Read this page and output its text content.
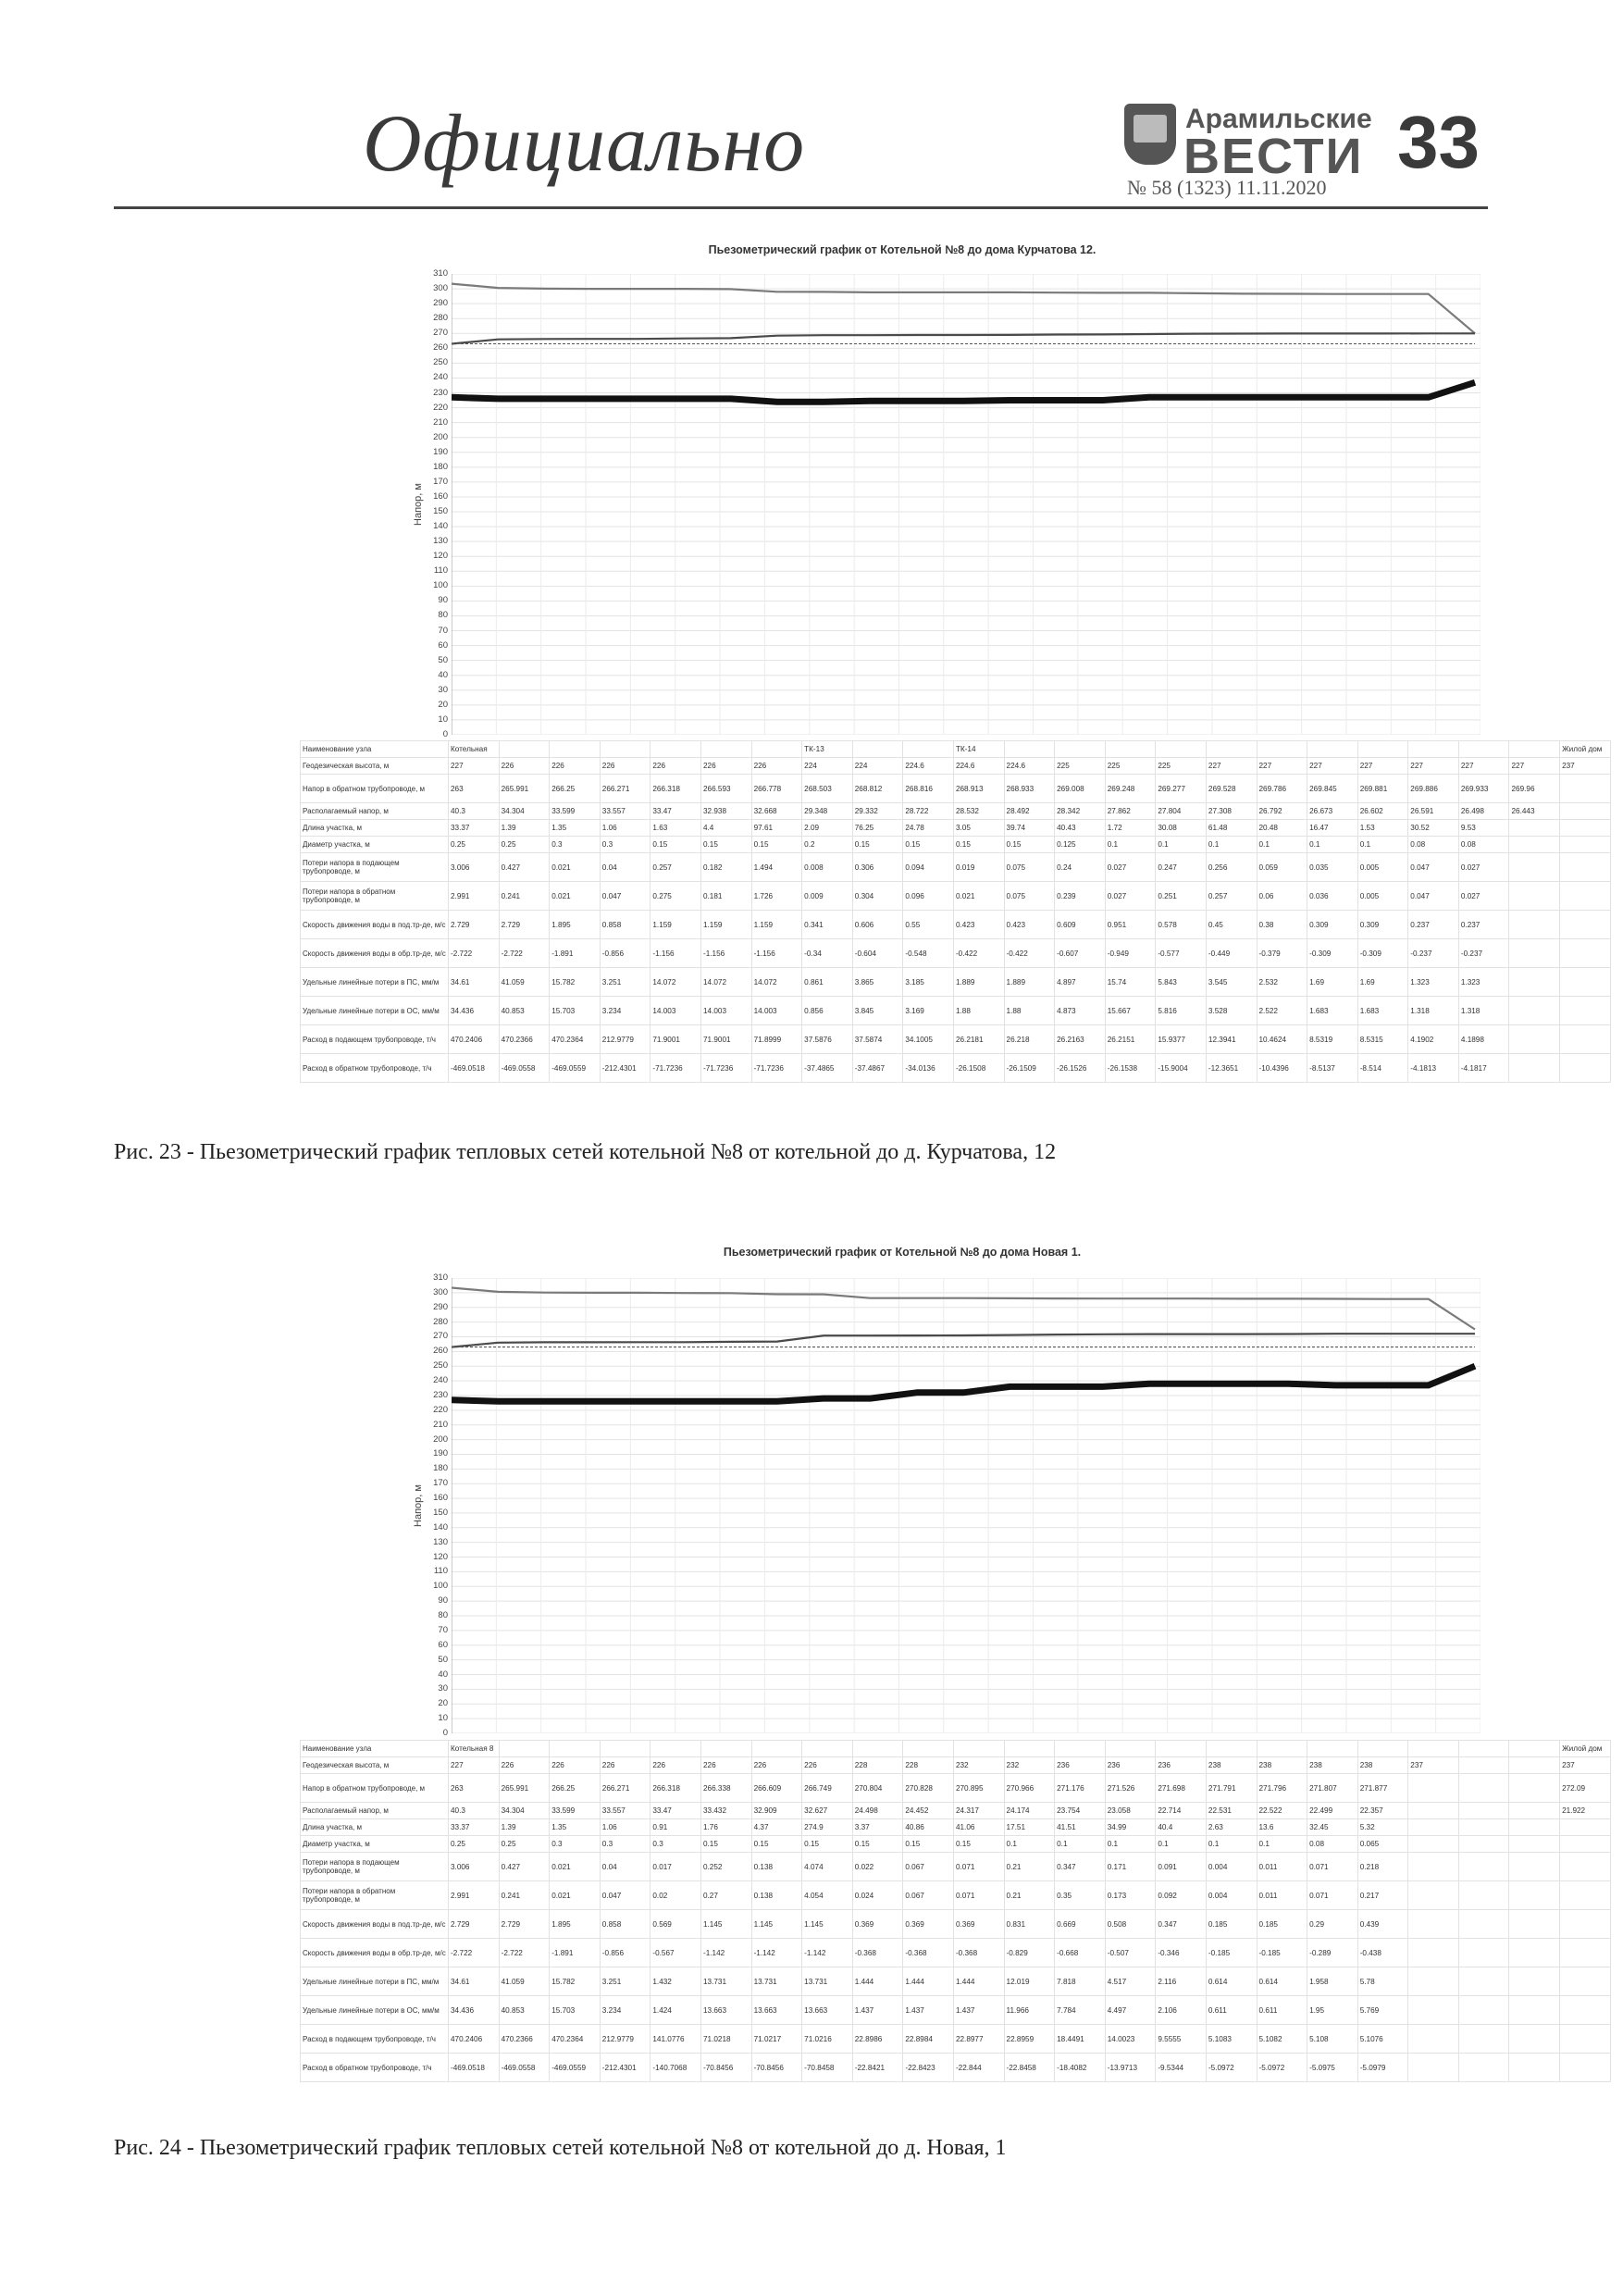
Официально	Арамильские
ВЕСТИ
№ 58 (1323) 11.11.2020
33
Пьезометрический график от Котельной №8 до дома Курчатова 12.
Напор, м
0
10
20
30
40
50
60
70
80
90
100
110
120
130
140
150
160
170
180
190
200
210
220
230
240
250
260
270
280
290
300
310
Наименование узла	Котельная							ТК-13			ТК-14												Жилой дом
Геодезическая высота, м	227	226	226	226	226	226	226	224	224	224.6	224.6	224.6	225	225	225	227	227	227	227	227	227	227	237
Напор в обратном трубопроводе, м	263	265.991	266.25	266.271	266.318	266.593	266.778	268.503	268.812	268.816	268.913	268.933	269.008	269.248	269.277	269.528	269.786	269.845	269.881	269.886	269.933	269.96	
Располагаемый напор, м	40.3	34.304	33.599	33.557	33.47	32.938	32.668	29.348	29.332	28.722	28.532	28.492	28.342	27.862	27.804	27.308	26.792	26.673	26.602	26.591	26.498	26.443	
Длина участка, м	33.37	1.39	1.35	1.06	1.63	4.4	97.61	2.09	76.25	24.78	3.05	39.74	40.43	1.72	30.08	61.48	20.48	16.47	1.53	30.52	9.53		
Диаметр участка, м	0.25	0.25	0.3	0.3	0.15	0.15	0.15	0.2	0.15	0.15	0.15	0.15	0.125	0.1	0.1	0.1	0.1	0.1	0.1	0.08	0.08		
Потери напора в подающем трубопроводе, м	3.006	0.427	0.021	0.04	0.257	0.182	1.494	0.008	0.306	0.094	0.019	0.075	0.24	0.027	0.247	0.256	0.059	0.035	0.005	0.047	0.027		
Потери напора в обратном трубопроводе, м	2.991	0.241	0.021	0.047	0.275	0.181	1.726	0.009	0.304	0.096	0.021	0.075	0.239	0.027	0.251	0.257	0.06	0.036	0.005	0.047	0.027		
Скорость движения воды в под.тр-де, м/с	2.729	2.729	1.895	0.858	1.159	1.159	1.159	0.341	0.606	0.55	0.423	0.423	0.609	0.951	0.578	0.45	0.38	0.309	0.309	0.237	0.237		
Скорость движения воды в обр.тр-де, м/с	-2.722	-2.722	-1.891	-0.856	-1.156	-1.156	-1.156	-0.34	-0.604	-0.548	-0.422	-0.422	-0.607	-0.949	-0.577	-0.449	-0.379	-0.309	-0.309	-0.237	-0.237		
Удельные линейные потери в ПС, мм/м	34.61	41.059	15.782	3.251	14.072	14.072	14.072	0.861	3.865	3.185	1.889	1.889	4.897	15.74	5.843	3.545	2.532	1.69	1.69	1.323	1.323		
Удельные линейные потери в ОС, мм/м	34.436	40.853	15.703	3.234	14.003	14.003	14.003	0.856	3.845	3.169	1.88	1.88	4.873	15.667	5.816	3.528	2.522	1.683	1.683	1.318	1.318		
Расход в подающем трубопроводе, т/ч	470.2406	470.2366	470.2364	212.9779	71.9001	71.9001	71.8999	37.5876	37.5874	34.1005	26.2181	26.218	26.2163	26.2151	15.9377	12.3941	10.4624	8.5319	8.5315	4.1902	4.1898		
Расход в обратном трубопроводе, т/ч	-469.0518	-469.0558	-469.0559	-212.4301	-71.7236	-71.7236	-71.7236	-37.4865	-37.4867	-34.0136	-26.1508	-26.1509	-26.1526	-26.1538	-15.9004	-12.3651	-10.4396	-8.5137	-8.514	-4.1813	-4.1817		
Рис. 23 - Пьезометрический график тепловых сетей котельной №8 от котельной до д. Курчатова, 12
Пьезометрический график от Котельной №8 до дома Новая 1.
Напор, м
0
10
20
30
40
50
60
70
80
90
100
110
120
130
140
150
160
170
180
190
200
210
220
230
240
250
260
270
280
290
300
310
Наименование узла	Котельная 8																						Жилой дом
Геодезическая высота, м	227	226	226	226	226	226	226	226	228	228	232	232	236	236	236	238	238	238	238	237			237
Напор в обратном трубопроводе, м	263	265.991	266.25	266.271	266.318	266.338	266.609	266.749	270.804	270.828	270.895	270.966	271.176	271.526	271.698	271.791	271.796	271.807	271.877				272.09
Располагаемый напор, м	40.3	34.304	33.599	33.557	33.47	33.432	32.909	32.627	24.498	24.452	24.317	24.174	23.754	23.058	22.714	22.531	22.522	22.499	22.357				21.922
Длина участка, м	33.37	1.39	1.35	1.06	0.91	1.76	4.37	274.9	3.37	40.86	41.06	17.51	41.51	34.99	40.4	2.63	13.6	32.45	5.32				
Диаметр участка, м	0.25	0.25	0.3	0.3	0.3	0.15	0.15	0.15	0.15	0.15	0.15	0.1	0.1	0.1	0.1	0.1	0.1	0.08	0.065				
Потери напора в подающем трубопроводе, м	3.006	0.427	0.021	0.04	0.017	0.252	0.138	4.074	0.022	0.067	0.071	0.21	0.347	0.171	0.091	0.004	0.011	0.071	0.218				
Потери напора в обратном трубопроводе, м	2.991	0.241	0.021	0.047	0.02	0.27	0.138	4.054	0.024	0.067	0.071	0.21	0.35	0.173	0.092	0.004	0.011	0.071	0.217				
Скорость движения воды в под.тр-де, м/с	2.729	2.729	1.895	0.858	0.569	1.145	1.145	1.145	0.369	0.369	0.369	0.831	0.669	0.508	0.347	0.185	0.185	0.29	0.439				
Скорость движения воды в обр.тр-де, м/с	-2.722	-2.722	-1.891	-0.856	-0.567	-1.142	-1.142	-1.142	-0.368	-0.368	-0.368	-0.829	-0.668	-0.507	-0.346	-0.185	-0.185	-0.289	-0.438				
Удельные линейные потери в ПС, мм/м	34.61	41.059	15.782	3.251	1.432	13.731	13.731	13.731	1.444	1.444	1.444	12.019	7.818	4.517	2.116	0.614	0.614	1.958	5.78				
Удельные линейные потери в ОС, мм/м	34.436	40.853	15.703	3.234	1.424	13.663	13.663	13.663	1.437	1.437	1.437	11.966	7.784	4.497	2.106	0.611	0.611	1.95	5.769				
Расход в подающем трубопроводе, т/ч	470.2406	470.2366	470.2364	212.9779	141.0776	71.0218	71.0217	71.0216	22.8986	22.8984	22.8977	22.8959	18.4491	14.0023	9.5555	5.1083	5.1082	5.108	5.1076				
Расход в обратном трубопроводе, т/ч	-469.0518	-469.0558	-469.0559	-212.4301	-140.7068	-70.8456	-70.8456	-70.8458	-22.8421	-22.8423	-22.844	-22.8458	-18.4082	-13.9713	-9.5344	-5.0972	-5.0972	-5.0975	-5.0979				
Рис. 24 - Пьезометрический график тепловых сетей котельной №8 от котельной до д. Новая, 1
